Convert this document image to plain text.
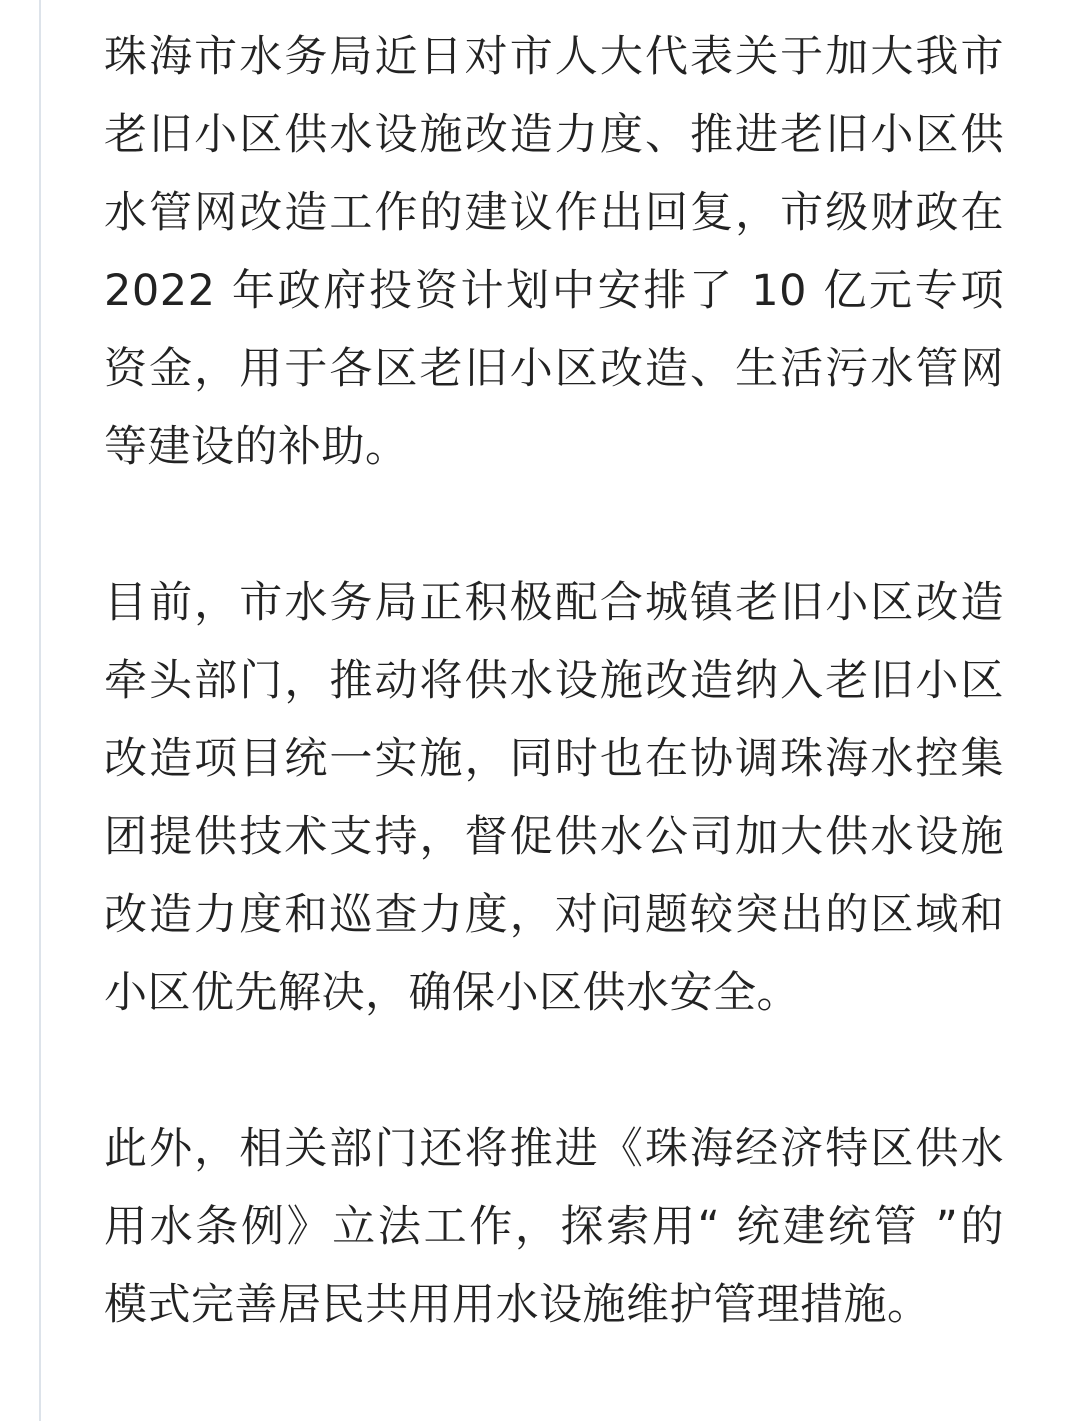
珠海市水务局近日对市人大代表关于加大我市老旧小区供水设施改造力度、推进老旧小区供水管网改造工作的建议作出回复，市级财政在 2022 年政府投资计划中安排了 10 亿元专项资金，用于各区老旧小区改造、生活污水管网等建设的补助。

目前，市水务局正积极配合城镇老旧小区改造牵头部门，推动将供水设施改造纳入老旧小区改造项目统一实施，同时也在协调珠海水控集团提供技术支持，督促供水公司加大供水设施改造力度和巡查力度，对问题较突出的区域和小区优先解决，确保小区供水安全。

此外，相关部门还将推进《珠海经济特区供水用水条例》立法工作，探索用“ 统建统管 ”的模式完善居民共用用水设施维护管理措施。
